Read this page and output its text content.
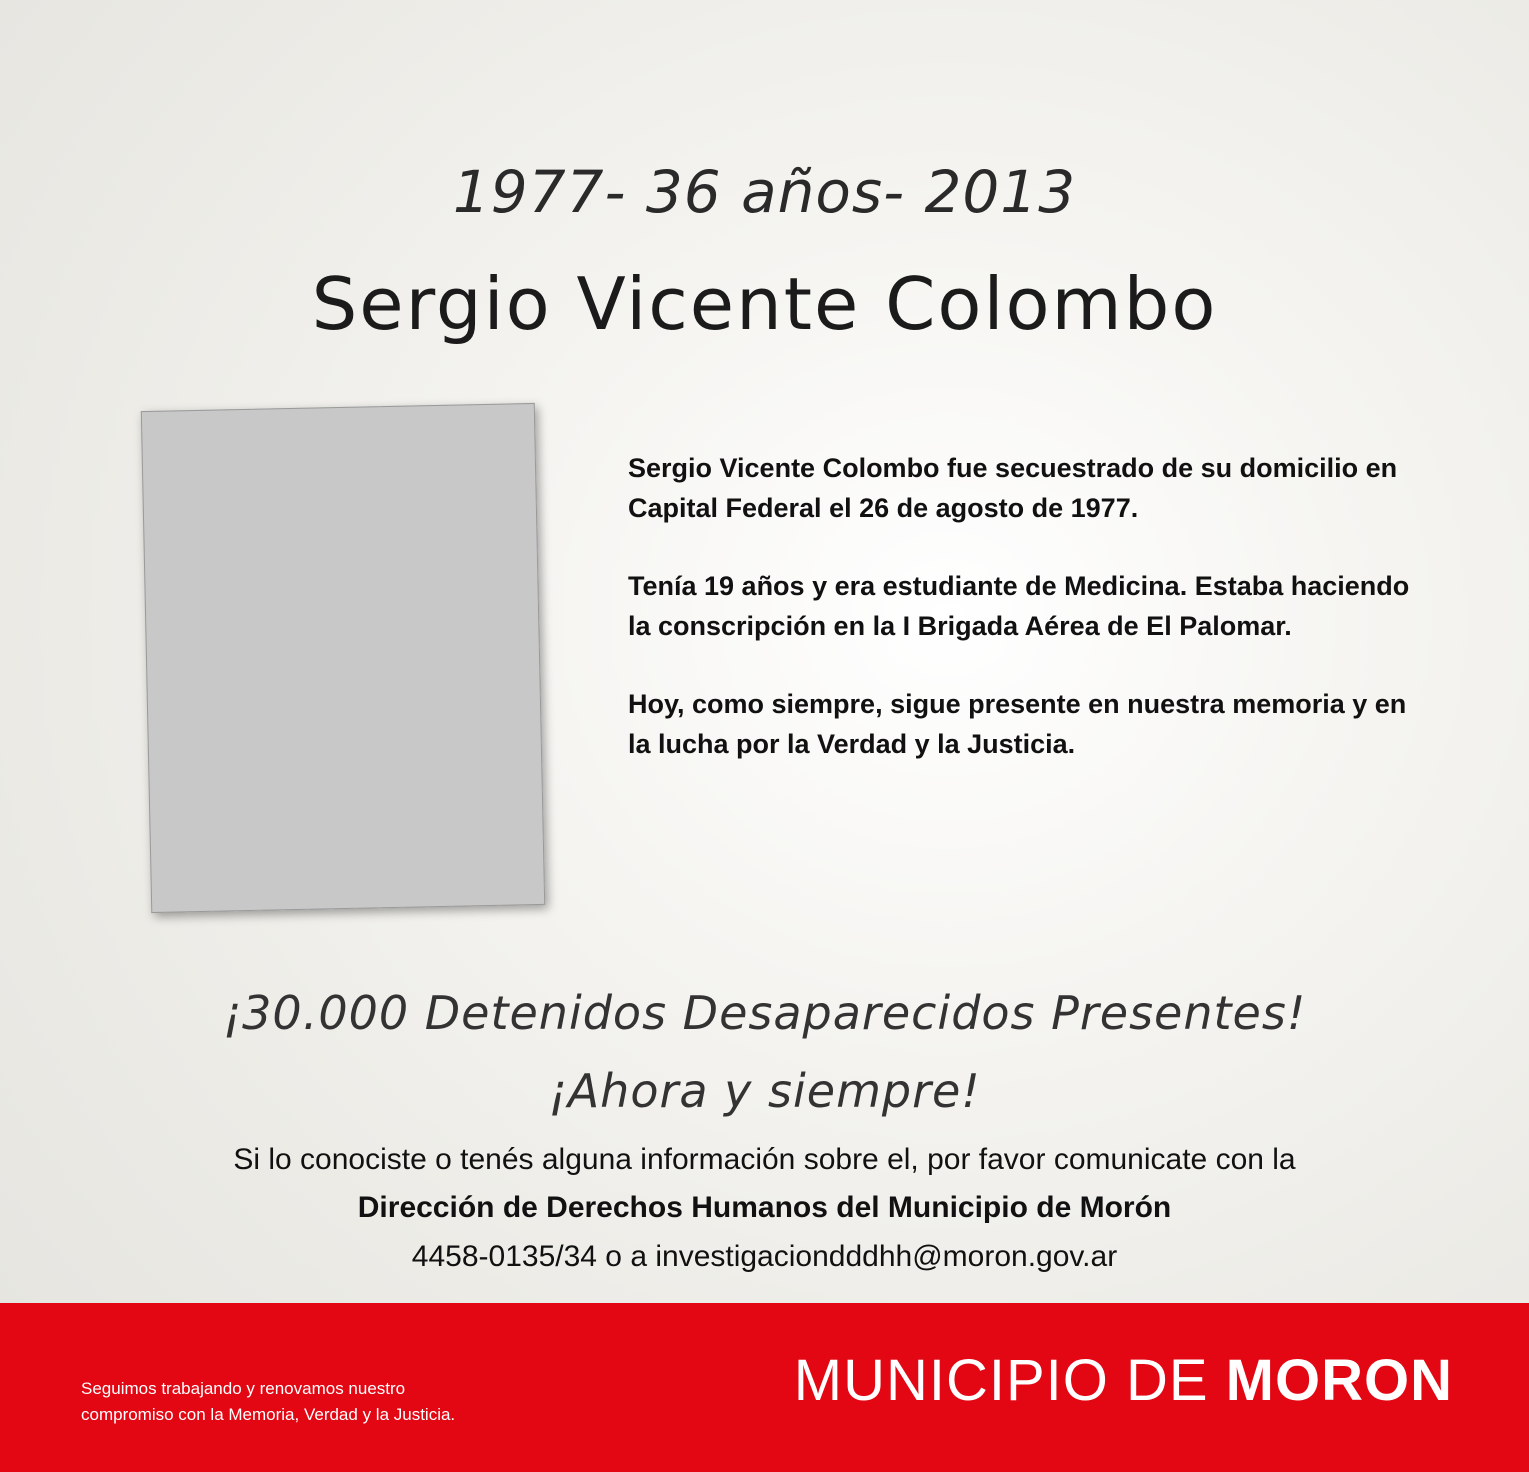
1977- 36 años- 2013
Sergio Vicente Colombo

Sergio Vicente Colombo fue secuestrado de su domicilio en Capital Federal el 26 de agosto de 1977.

Tenía 19 años y era estudiante de Medicina. Estaba haciendo la conscripción en la I Brigada Aérea de El Palomar.

Hoy, como siempre, sigue presente en nuestra memoria y en la lucha por la Verdad y la Justicia.

¡30.000 Detenidos Desaparecidos Presentes!
¡Ahora y siempre!
Si lo conociste o tenés alguna información sobre el, por favor comunicate con la
Dirección de Derechos Humanos del Municipio de Morón
4458-0135/34 o a investigaciondddhh@moron.gov.ar
Seguimos trabajando y renovamos nuestro compromiso con la Memoria, Verdad y la Justicia.
MUNICIPIO DE MORON
